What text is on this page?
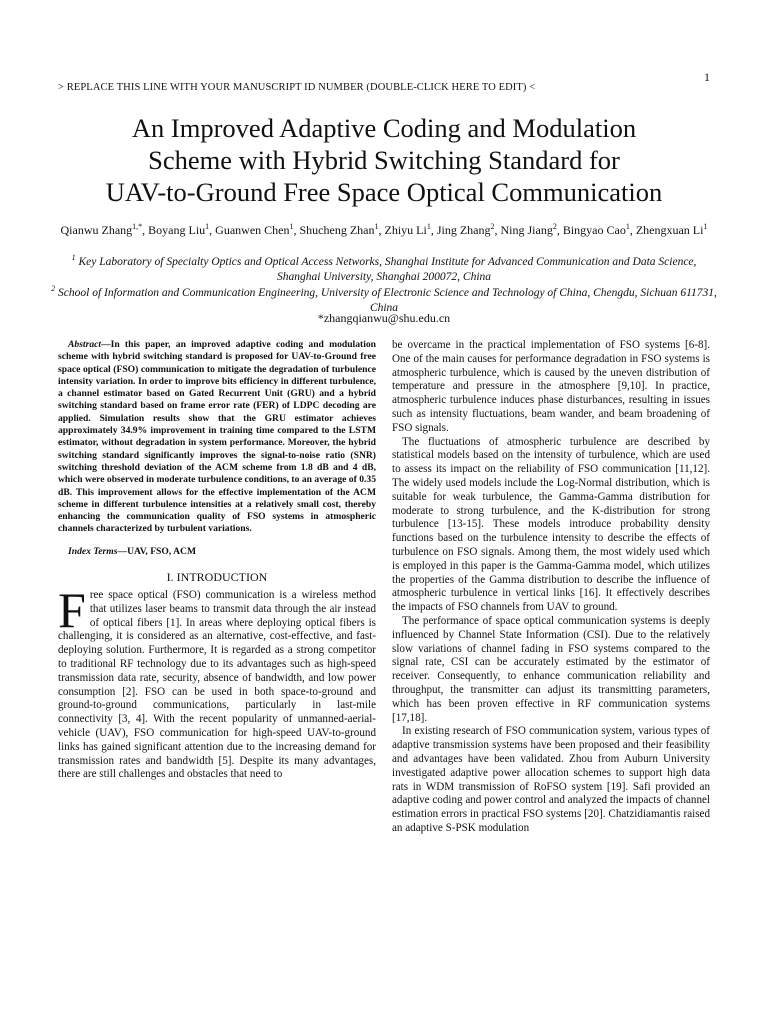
1
> REPLACE THIS LINE WITH YOUR MANUSCRIPT ID NUMBER (DOUBLE-CLICK HERE TO EDIT) <
An Improved Adaptive Coding and Modulation
Scheme with Hybrid Switching Standard for
UAV-to-Ground Free Space Optical Communication
Qianwu Zhang$^{1,*}$, Boyang Liu$^1$, Guanwen Chen$^1$, Shucheng Zhan$^1$, Zhiyu Li$^1$, Jing Zhang$^2$, Ning Jiang$^2$, Bingyao Cao$^1$, Zhengxuan Li$^1$
$^1$ Key Laboratory of Specialty Optics and Optical Access Networks, Shanghai Institute for Advanced Communication and Data Science, Shanghai University, Shanghai 200072, China
$^2$ School of Information and Communication Engineering, University of Electronic Science and Technology of China, Chengdu, Sichuan 611731, China
*zhangqianwu@shu.edu.cn

Abstract—In this paper, an improved adaptive coding and modulation scheme with hybrid switching standard is proposed for UAV-to-Ground free space optical (FSO) communication to mitigate the degradation of turbulence intensity variation. In order to improve bits efficiency in different turbulence, a channel estimator based on Gated Recurrent Unit (GRU) and a hybrid switching standard based on frame error rate (FER) of LDPC decoding are applied. Simulation results show that the GRU estimator achieves approximately 34.9% improvement in training time compared to the LSTM estimator, without degradation in system performance. Moreover, the hybrid switching standard significantly improves the signal-to-noise ratio (SNR) switching threshold deviation of the ACM scheme from 1.8 dB and 4 dB, which were observed in moderate turbulence conditions, to an average of 0.35 dB. This improvement allows for the effective implementation of the ACM scheme in different turbulence intensities at a relatively small cost, thereby enhancing the communication quality of FSO systems in atmospheric channels characterized by turbulent variations.

Index Terms—UAV, FSO, ACM

I. INTRODUCTION

Free space optical (FSO) communication is a wireless method that utilizes laser beams to transmit data through the air instead of optical fibers [1]. In areas where deploying optical fibers is challenging, it is considered as an alternative, cost-effective, and fast-deploying solution. Furthermore, It is regarded as a strong competitor to traditional RF technology due to its advantages such as high-speed transmission data rate, security, absence of bandwidth, and low power consumption [2]. FSO can be used in both space-to-ground and ground-to-ground communications, particularly in last-mile connectivity [3, 4]. With the recent popularity of unmanned-aerial-vehicle (UAV), FSO communication for high-speed UAV-to-ground links has gained significant attention due to the increasing demand for transmission rates and bandwidth [5]. Despite its many advantages, there are still challenges and obstacles that need to

be overcame in the practical implementation of FSO systems [6-8]. One of the main causes for performance degradation in FSO systems is atmospheric turbulence, which is caused by the uneven distribution of temperature and pressure in the atmosphere [9,10]. In practice, atmospheric turbulence induces phase disturbances, resulting in issues such as intensity fluctuations, beam wander, and beam broadening of FSO signals.

The fluctuations of atmospheric turbulence are described by statistical models based on the intensity of turbulence, which are used to assess its impact on the reliability of FSO communication [11,12]. The widely used models include the Log-Normal distribution, which is suitable for weak turbulence, the Gamma-Gamma distribution for moderate to strong turbulence, and the K-distribution for strong turbulence [13-15]. These models introduce probability density functions based on the turbulence intensity to describe the effects of turbulence on FSO signals. Among them, the most widely used which is employed in this paper is the Gamma-Gamma model, which utilizes the properties of the Gamma distribution to describe the influence of atmospheric turbulence in vertical links [16]. It effectively describes the impacts of FSO channels from UAV to ground.

The performance of space optical communication systems is deeply influenced by Channel State Information (CSI). Due to the relatively slow variations of channel fading in FSO systems compared to the signal rate, CSI can be accurately estimated by the estimator of receiver. Consequently, to enhance communication reliability and throughput, the transmitter can adjust its transmitting parameters, which has been proven effective in RF communication systems [17,18].

In existing research of FSO communication system, various types of adaptive transmission systems have been proposed and their feasibility and advantages have been validated. Zhou from Auburn University investigated adaptive power allocation schemes to support high data rats in WDM transmission of RoFSO system [19]. Safi provided an adaptive coding and power control and analyzed the impacts of channel estimation errors in practical FSO systems [20]. Chatzidiamantis raised an adaptive S-PSK modulation
